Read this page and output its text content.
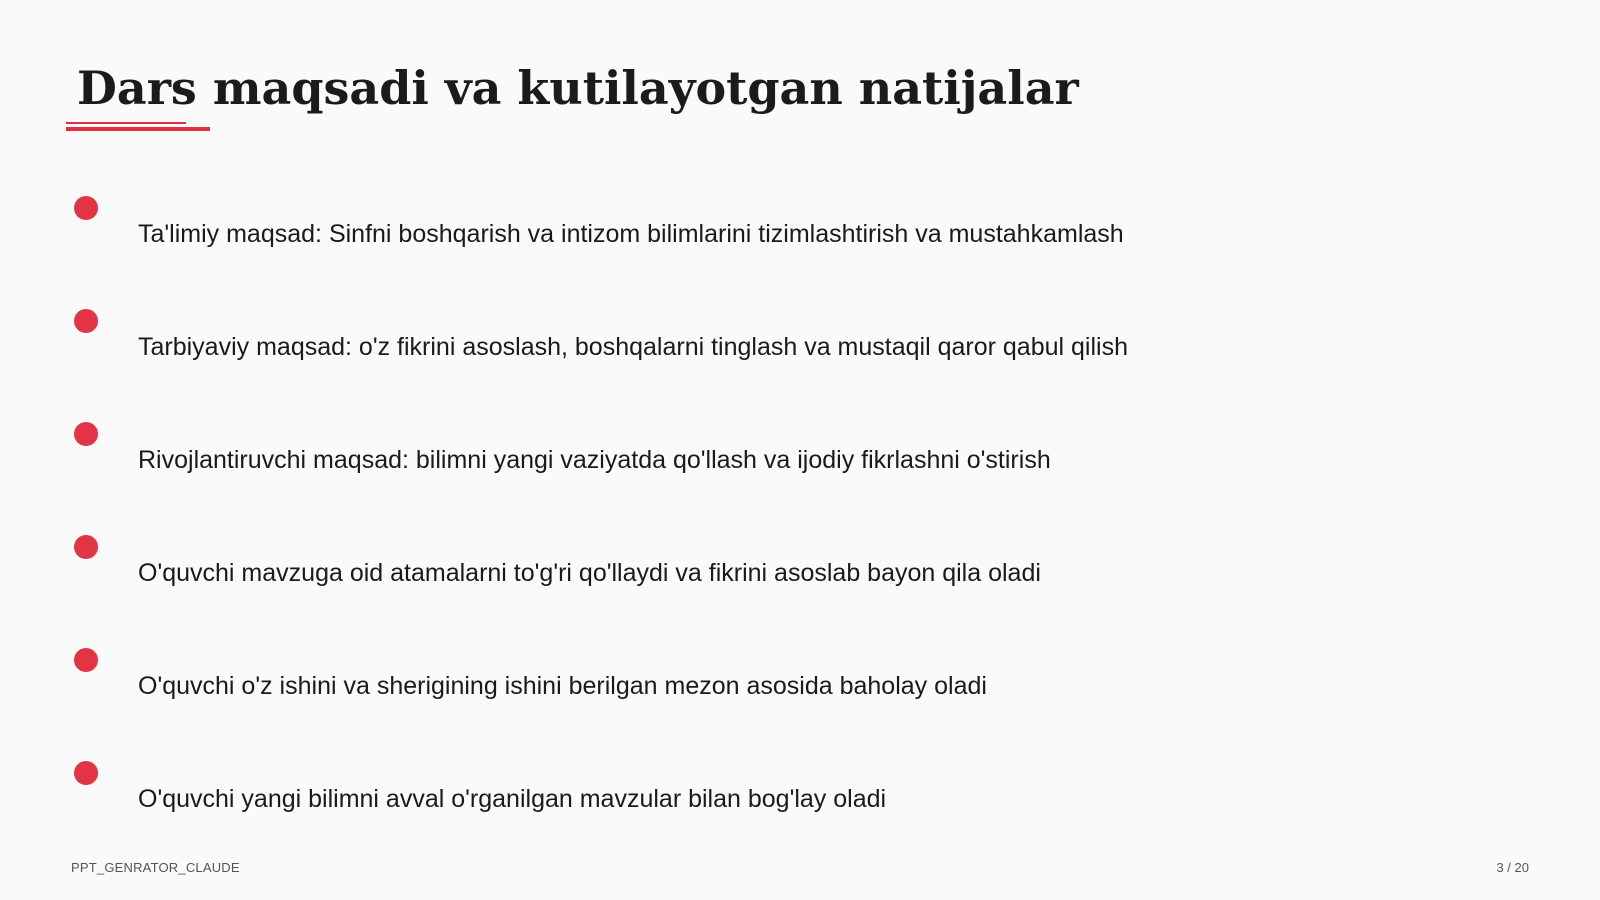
Dars maqsadi va kutilayotgan natijalar
Ta'limiy maqsad: Sinfni boshqarish va intizom bilimlarini tizimlashtirish va mustahkamlash
Tarbiyaviy maqsad: o'z fikrini asoslash, boshqalarni tinglash va mustaqil qaror qabul qilish
Rivojlantiruvchi maqsad: bilimni yangi vaziyatda qo'llash va ijodiy fikrlashni o'stirish
O'quvchi mavzuga oid atamalarni to'g'ri qo'llaydi va fikrini asoslab bayon qila oladi
O'quvchi o'z ishini va sherigining ishini berilgan mezon asosida baholay oladi
O'quvchi yangi bilimni avval o'rganilgan mavzular bilan bog'lay oladi
PPT_GENRATOR_CLAUDE	3 / 20
